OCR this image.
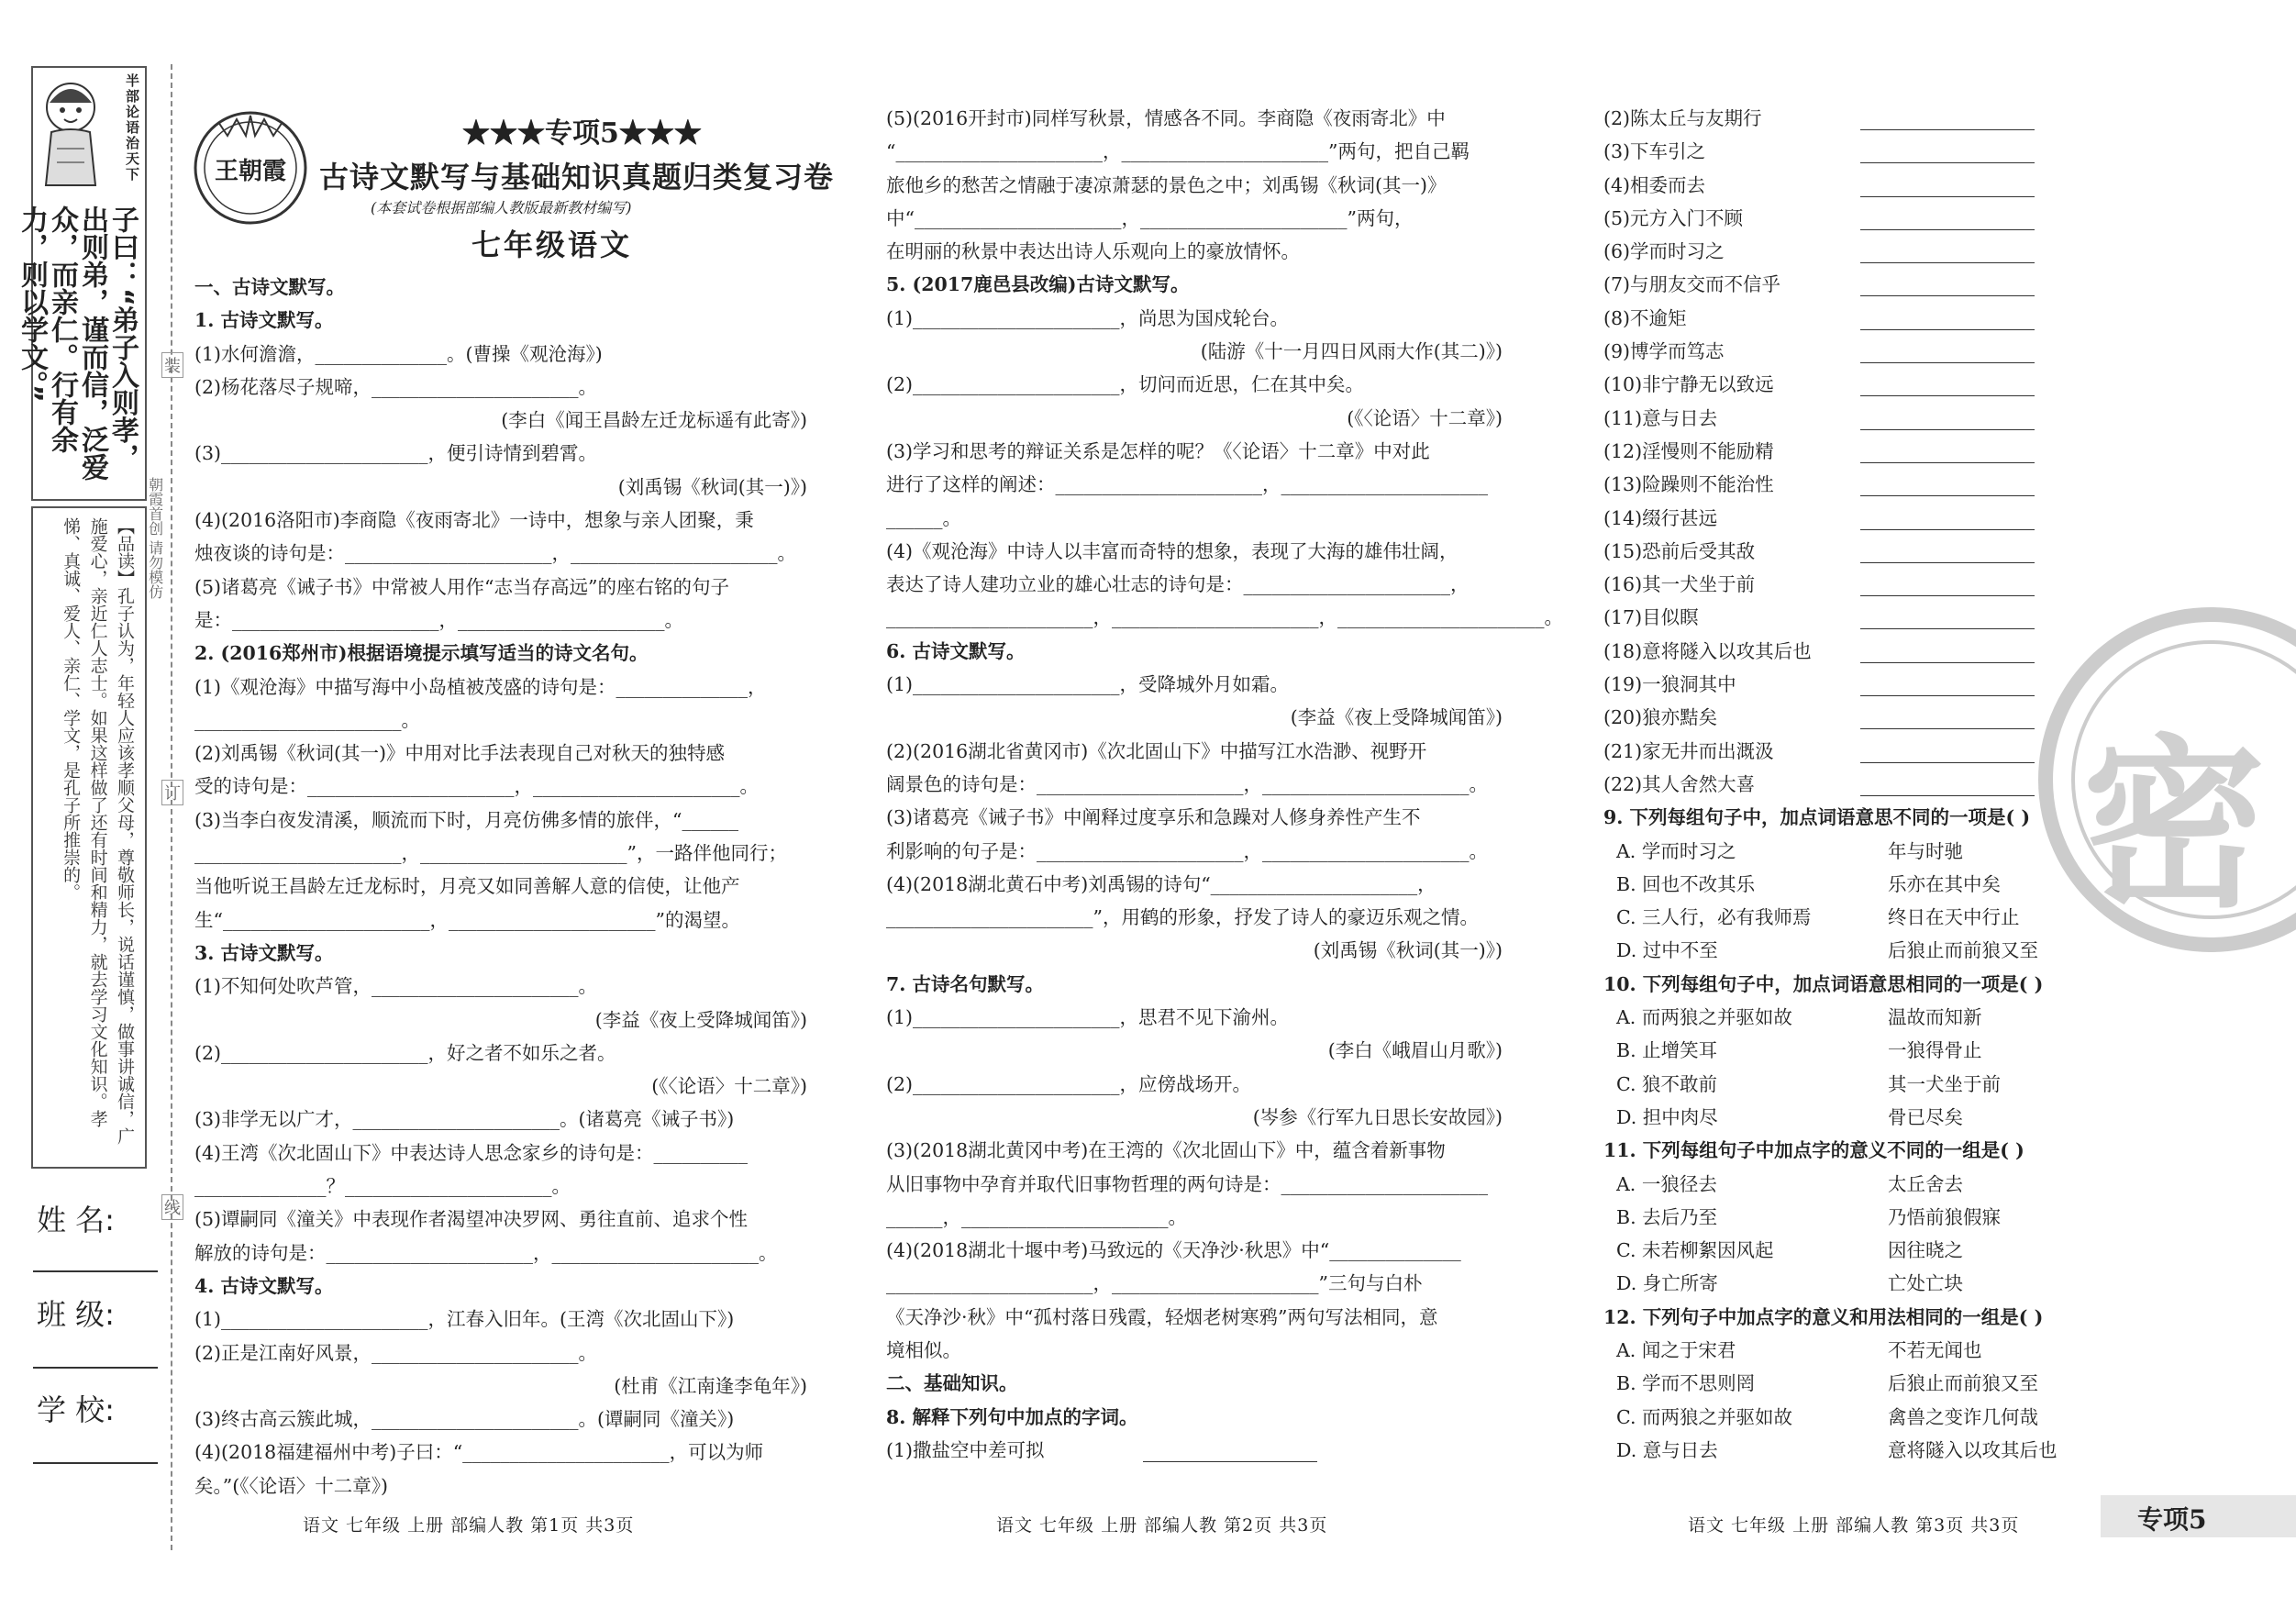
半部论语治天下
子曰：“弟子入则孝，出则弟，谨而信，泛爱众，而亲仁。行有余力，则以学文。”
【品读】孔子认为，年轻人应该孝顺父母，尊敬师长，说话谨慎，做事讲诚信，广施爱心，亲近仁人志士。如果这样做了还有时间和精力，就去学习文化知识。孝悌、真诚、爱人、亲仁、学文，是孔子所推崇的。
装
订
线
朝霞首创 请勿模仿
姓 名:
班 级:
学 校:
王朝霞
★★★专项5★★★
古诗文默写与基础知识真题归类复习卷
(本套试卷根据部编人教版最新教材编写)
七年级语文
一、古诗文默写。
1. 古诗文默写。
(1)水何澹澹，______________。(曹操《观沧海》)
(2)杨花落尽子规啼，______________________。
(李白《闻王昌龄左迁龙标遥有此寄》)
(3)______________________，便引诗情到碧霄。
(刘禹锡《秋词(其一)》)
(4)(2016洛阳市)李商隐《夜雨寄北》一诗中，想象与亲人团聚，秉
烛夜谈的诗句是：______________________，______________________。
(5)诸葛亮《诫子书》中常被人用作“志当存高远”的座右铭的句子
是：______________________，______________________。
2. (2016郑州市)根据语境提示填写适当的诗文名句。
(1)《观沧海》中描写海中小岛植被茂盛的诗句是：______________，
______________________。
(2)刘禹锡《秋词(其一)》中用对比手法表现自己对秋天的独特感
受的诗句是：______________________，______________________。
(3)当李白夜发清溪，顺流而下时，月亮仿佛多情的旅伴，“______
______________________，______________________”，一路伴他同行；
当他听说王昌龄左迁龙标时，月亮又如同善解人意的信使，让他产
生“______________________，______________________”的渴望。
3. 古诗文默写。
(1)不知何处吹芦管，______________________。
(李益《夜上受降城闻笛》)
(2)______________________，好之者不如乐之者。
(《〈论语〉十二章》)
(3)非学无以广才，______________________。(诸葛亮《诫子书》)
(4)王湾《次北固山下》中表达诗人思念家乡的诗句是：__________
______________？______________________。
(5)谭嗣同《潼关》中表现作者渴望冲决罗网、勇往直前、追求个性
解放的诗句是：______________________，______________________。
4. 古诗文默写。
(1)______________________，江春入旧年。(王湾《次北固山下》)
(2)正是江南好风景，______________________。
(杜甫《江南逢李龟年》)
(3)终古高云簇此城，______________________。(谭嗣同《潼关》)
(4)(2018福建福州中考)子曰：“______________________，可以为师
矣。”(《〈论语〉十二章》)
(5)(2016开封市)同样写秋景，情感各不同。李商隐《夜雨寄北》中
“______________________，______________________”两句，把自己羁
旅他乡的愁苦之情融于凄凉萧瑟的景色之中；刘禹锡《秋词(其一)》
中“______________________，______________________”两句，
在明丽的秋景中表达出诗人乐观向上的豪放情怀。
5. (2017鹿邑县改编)古诗文默写。
(1)______________________，尚思为国戍轮台。
(陆游《十一月四日风雨大作(其二)》)
(2)______________________，切问而近思，仁在其中矣。
(《〈论语〉十二章》)
(3)学习和思考的辩证关系是怎样的呢？《〈论语〉十二章》中对此
进行了这样的阐述：______________________，______________________
______。
(4)《观沧海》中诗人以丰富而奇特的想象，表现了大海的雄伟壮阔，
表达了诗人建功立业的雄心壮志的诗句是：______________________，
______________________，______________________，______________________。
6. 古诗文默写。
(1)______________________，受降城外月如霜。
(李益《夜上受降城闻笛》)
(2)(2016湖北省黄冈市)《次北固山下》中描写江水浩渺、视野开
阔景色的诗句是：______________________，______________________。
(3)诸葛亮《诫子书》中阐释过度享乐和急躁对人修身养性产生不
利影响的句子是：______________________，______________________。
(4)(2018湖北黄石中考)刘禹锡的诗句“______________________，
______________________”，用鹤的形象，抒发了诗人的豪迈乐观之情。
(刘禹锡《秋词(其一)》)
7. 古诗名句默写。
(1)______________________，思君不见下渝州。
(李白《峨眉山月歌》)
(2)______________________，应傍战场开。
(岑参《行军九日思长安故园》)
(3)(2018湖北黄冈中考)在王湾的《次北固山下》中，蕴含着新事物
从旧事物中孕育并取代旧事物哲理的两句诗是：______________________
______，______________________。
(4)(2018湖北十堰中考)马致远的《天净沙·秋思》中“______________
______________________，______________________”三句与白朴
《天净沙·秋》中“孤村落日残霞，轻烟老树寒鸦”两句写法相同，意
境相似。
二、基础知识。
8. 解释下列句中加点的字词。
(1)撒盐空中差可拟
(2)陈太丘与友期行
(3)下车引之
(4)相委而去
(5)元方入门不顾
(6)学而时习之
(7)与朋友交而不信乎
(8)不逾矩
(9)博学而笃志
(10)非宁静无以致远
(11)意与日去
(12)淫慢则不能励精
(13)险躁则不能治性
(14)缀行甚远
(15)恐前后受其敌
(16)其一犬坐于前
(17)目似瞑
(18)意将隧入以攻其后也
(19)一狼洞其中
(20)狼亦黠矣
(21)家无井而出溉汲
(22)其人舍然大喜
9. 下列每组句子中，加点词语意思不同的一项是( )
A. 学而时习之	年与时驰
B. 回也不改其乐	乐亦在其中矣
C. 三人行，必有我师焉	终日在天中行止
D. 过中不至	后狼止而前狼又至
10. 下列每组句子中，加点词语意思相同的一项是( )
A. 而两狼之并驱如故	温故而知新
B. 止增笑耳	一狼得骨止
C. 狼不敢前	其一犬坐于前
D. 担中肉尽	骨已尽矣
11. 下列每组句子中加点字的意义不同的一组是( )
A. 一狼径去	太丘舍去
B. 去后乃至	乃悟前狼假寐
C. 未若柳絮因风起	因往晓之
D. 身亡所寄	亡处亡块
12. 下列句子中加点字的意义和用法相同的一组是( )
A. 闻之于宋君	不若无闻也
B. 学而不思则罔	后狼止而前狼又至
C. 而两狼之并驱如故	禽兽之变诈几何哉
D. 意与日去	意将隧入以攻其后也
语文 七年级 上册 部编人教 第1页 共3页	语文 七年级 上册 部编人教 第2页 共3页	语文 七年级 上册 部编人教 第3页 共3页	专项5
密
